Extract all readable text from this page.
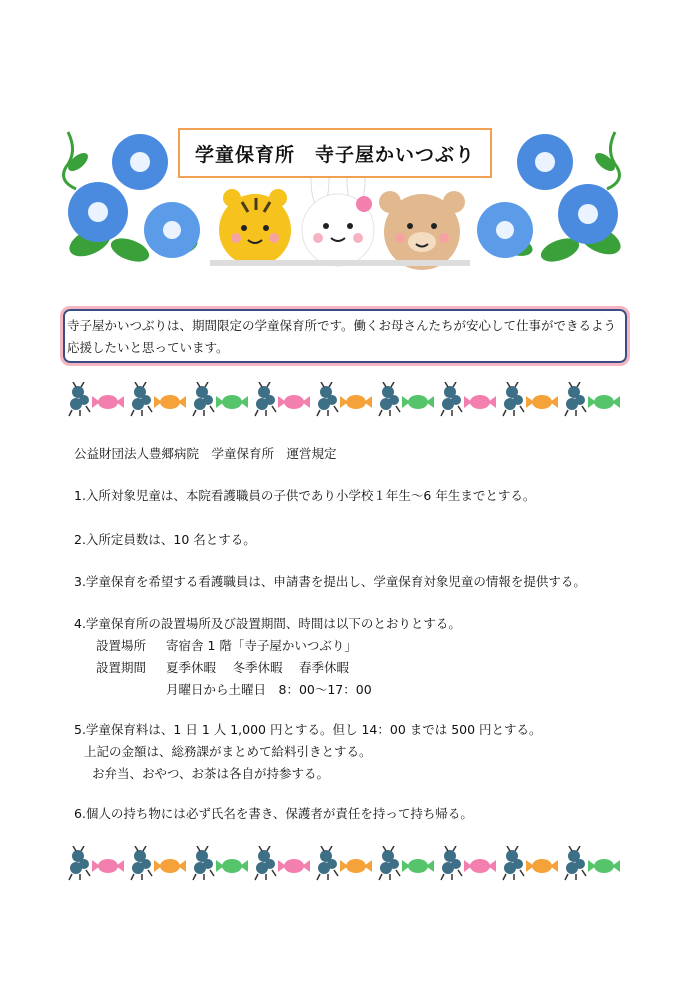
学童保育所　寺子屋かいつぶり
寺子屋かいつぶりは、期間限定の学童保育所です。働くお母さんたちが安心して仕事ができるよう
応援したいと思っています。

公益財団法人豊郷病院　学童保育所　運営規定

1.入所対象児童は、本院看護職員の子供であり小学校１年生～6 年生までとする。

2.入所定員数は、10 名とする。

3.学童保育を希望する看護職員は、申請書を提出し、学童保育対象児童の情報を提供する。

4.学童保育所の設置場所及び設置期間、時間は以下のとおりとする。

設置場所 寄宿舎 1 階「寺子屋かいつぶり」

設置期間 夏季休暇　 冬季休暇　 春季休暇

月曜日から土曜日　8：00～17：00

5.学童保育料は、1 日 1 人 1,000 円とする。但し 14：00 までは 500 円とする。

上記の金額は、総務課がまとめて給料引きとする。

お弁当、おやつ、お茶は各自が持参する。

6.個人の持ち物には必ず氏名を書き、保護者が責任を持って持ち帰る。
